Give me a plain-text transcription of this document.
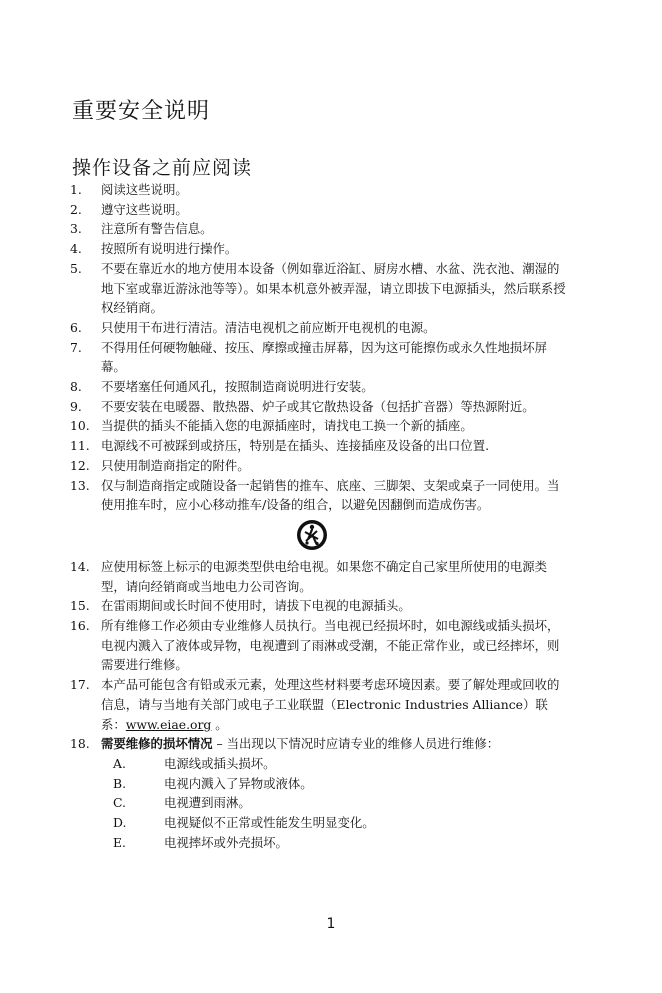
重要安全说明
操作设备之前应阅读
1.	阅读这些说明。
2.	遵守这些说明。
3.	注意所有警告信息。
4.	按照所有说明进行操作。
5.	不要在靠近水的地方使用本设备（例如靠近浴缸、厨房水槽、水盆、洗衣池、潮湿的地下室或靠近游泳池等等）。如果本机意外被弄湿，请立即拔下电源插头，然后联系授权经销商。
6.	只使用干布进行清洁。清洁电视机之前应断开电视机的电源。
7.	不得用任何硬物触碰、按压、摩擦或撞击屏幕，因为这可能擦伤或永久性地损坏屏幕。
8.	不要堵塞任何通风孔，按照制造商说明进行安装。
9.	不要安装在电暖器、散热器、炉子或其它散热设备（包括扩音器）等热源附近。
10. 当提供的插头不能插入您的电源插座时，请找电工换一个新的插座。
11. 电源线不可被踩到或挤压，特别是在插头、连接插座及设备的出口位置.
12. 只使用制造商指定的附件。
13. 仅与制造商指定或随设备一起销售的推车、底座、三脚架、支架或桌子一同使用。当使用推车时，应小心移动推车/设备的组合，以避免因翻倒而造成伤害。
14. 应使用标签上标示的电源类型供电给电视。如果您不确定自己家里所使用的电源类型，请向经销商或当地电力公司咨询。
15. 在雷雨期间或长时间不使用时，请拔下电视的电源插头。
16. 所有维修工作必须由专业维修人员执行。当电视已经损坏时，如电源线或插头损坏，电视内溅入了液体或异物，电视遭到了雨淋或受潮，不能正常作业，或已经摔坏，则需要进行维修。
17. 本产品可能包含有铅或汞元素，处理这些材料要考虑环境因素。要了解处理或回收的信息，请与当地有关部门或电子工业联盟（Electronic Industries Alliance）联系：www.eiae.org 。
18. 需要维修的损坏情况 – 当出现以下情况时应请专业的维修人员进行维修：
A.	电源线或插头损坏。
B.	电视内溅入了异物或液体。
C.	电视遭到雨淋。
D.	电视疑似不正常或性能发生明显变化。
E.	电视摔坏或外壳损坏。
1
